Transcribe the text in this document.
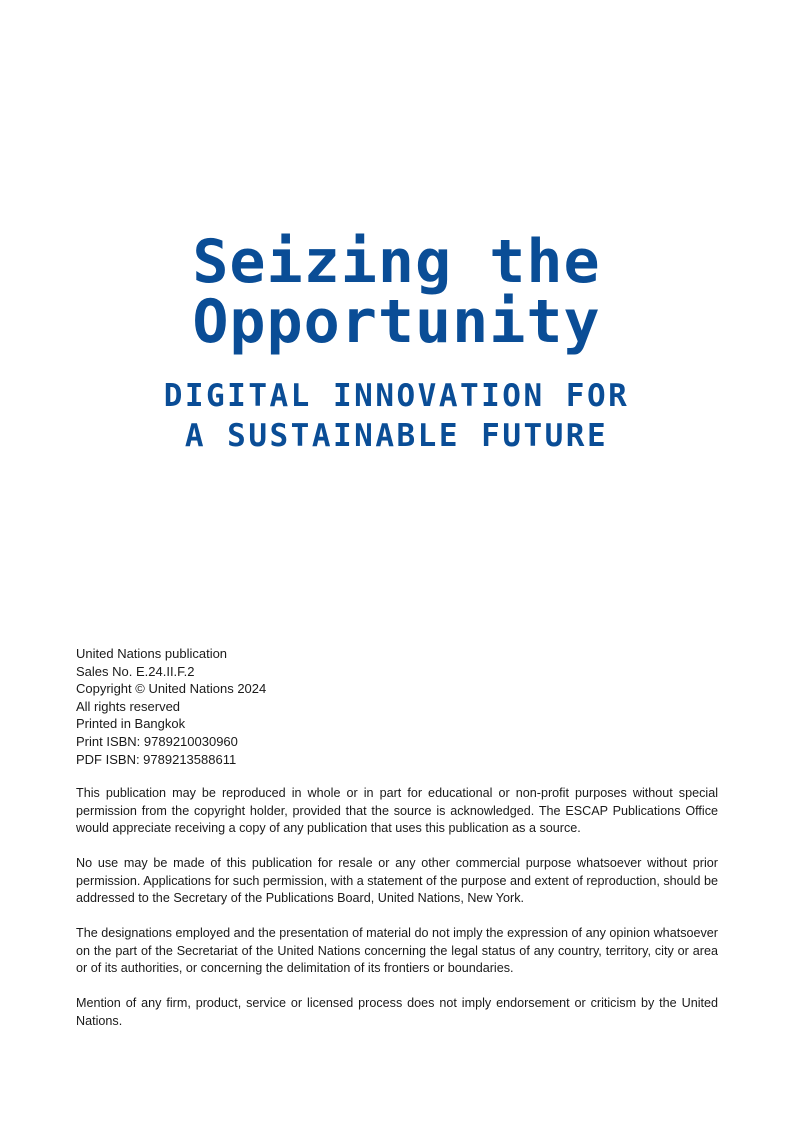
Seizing the
Opportunity
DIGITAL INNOVATION FOR
A SUSTAINABLE FUTURE
United Nations publication
Sales No. E.24.II.F.2
Copyright © United Nations 2024
All rights reserved
Printed in Bangkok
Print ISBN: 9789210030960
PDF ISBN: 9789213588611

This publication may be reproduced in whole or in part for educational or non-profit purposes without special permission from the copyright holder, provided that the source is acknowledged. The ESCAP Publications Office would appreciate receiving a copy of any publication that uses this publication as a source.

No use may be made of this publication for resale or any other commercial purpose whatsoever without prior permission. Applications for such permission, with a statement of the purpose and extent of reproduction, should be addressed to the Secretary of the Publications Board, United Nations, New York.

The designations employed and the presentation of material do not imply the expression of any opinion whatsoever on the part of the Secretariat of the United Nations concerning the legal status of any country, territory, city or area or of its authorities, or concerning the delimitation of its frontiers or boundaries.

Mention of any firm, product, service or licensed process does not imply endorsement or criticism by the United Nations.
